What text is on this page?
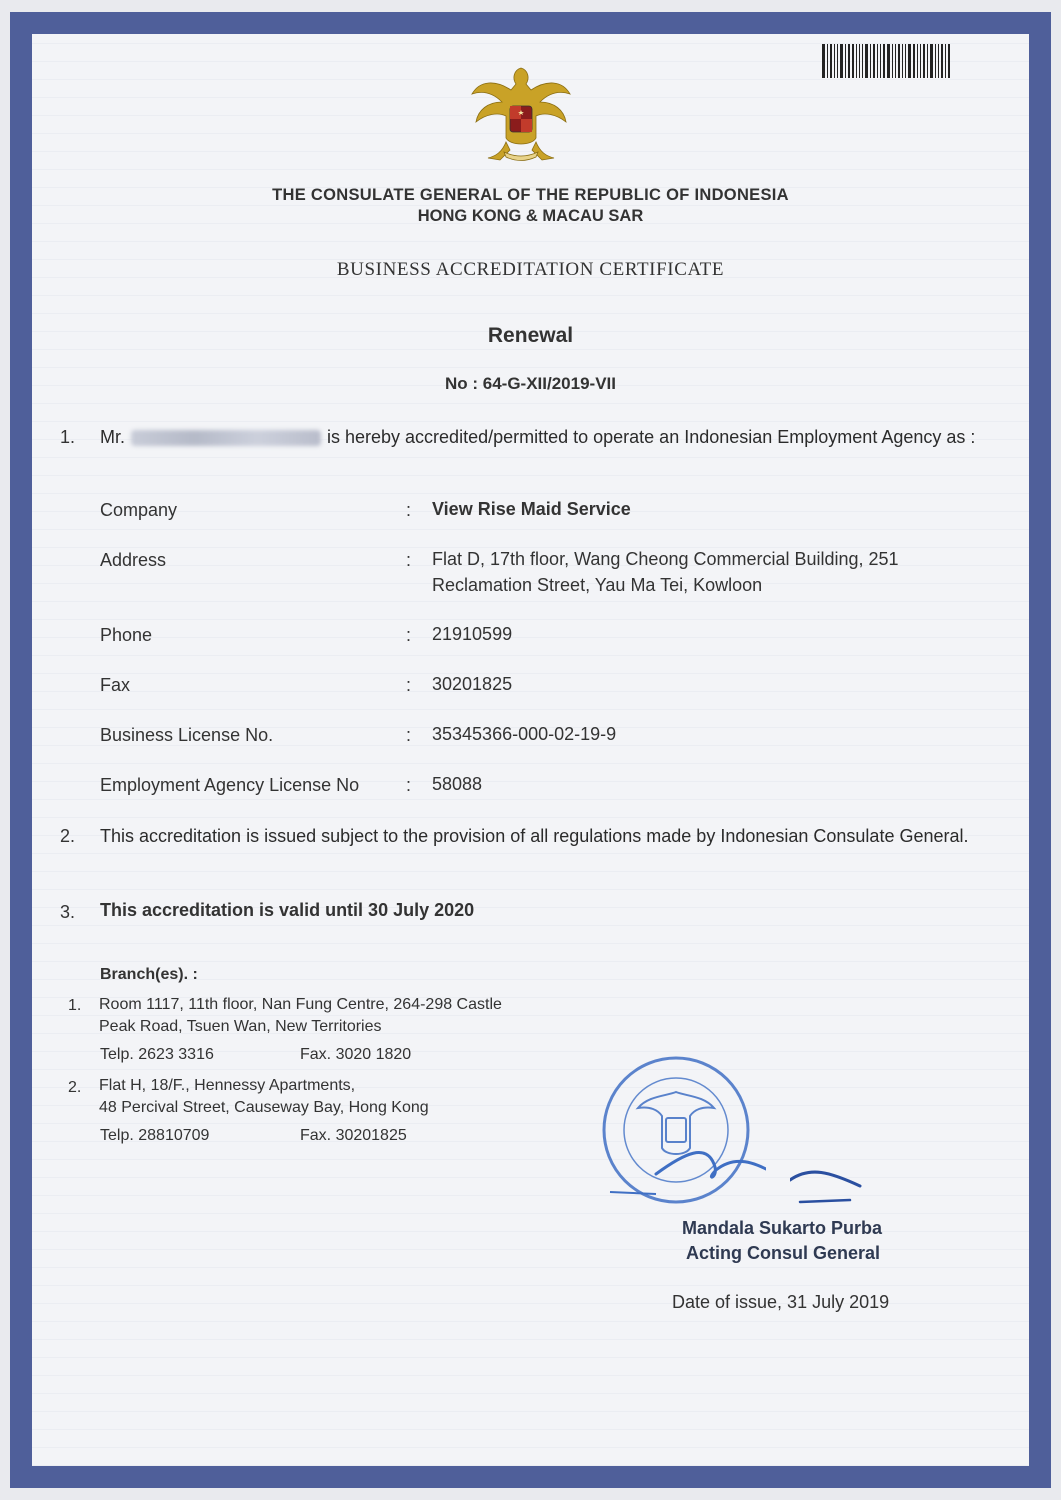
THE CONSULATE GENERAL OF THE REPUBLIC OF INDONESIA
HONG KONG & MACAU SAR
BUSINESS ACCREDITATION CERTIFICATE
Renewal
No : 64-G-XII/2019-VII
1. Mr.	is hereby accredited/permitted to operate an Indonesian Employment Agency as :
Company	: View Rise Maid Service
Address	: Flat D, 17th floor, Wang Cheong Commercial Building, 251
Reclamation Street, Yau Ma Tei, Kowloon
Phone	: 21910599
Fax	: 30201825
Business License No.	: 35345366-000-02-19-9
Employment Agency License No	: 58088
2. This accreditation is issued subject to the provision of all regulations made by Indonesian Consulate General.
3. This accreditation is valid until 30 July 2020
Branch(es). :
1. Room 1117, 11th floor, Nan Fung Centre, 264-298 Castle
Peak Road, Tsuen Wan, New Territories
Telp. 2623 3316	Fax. 3020 1820
2. Flat H, 18/F., Hennessy Apartments,
48 Percival Street, Causeway Bay, Hong Kong
Telp. 28810709	Fax. 30201825
Mandala Sukarto Purba
Acting Consul General
Date of issue, 31 July 2019
